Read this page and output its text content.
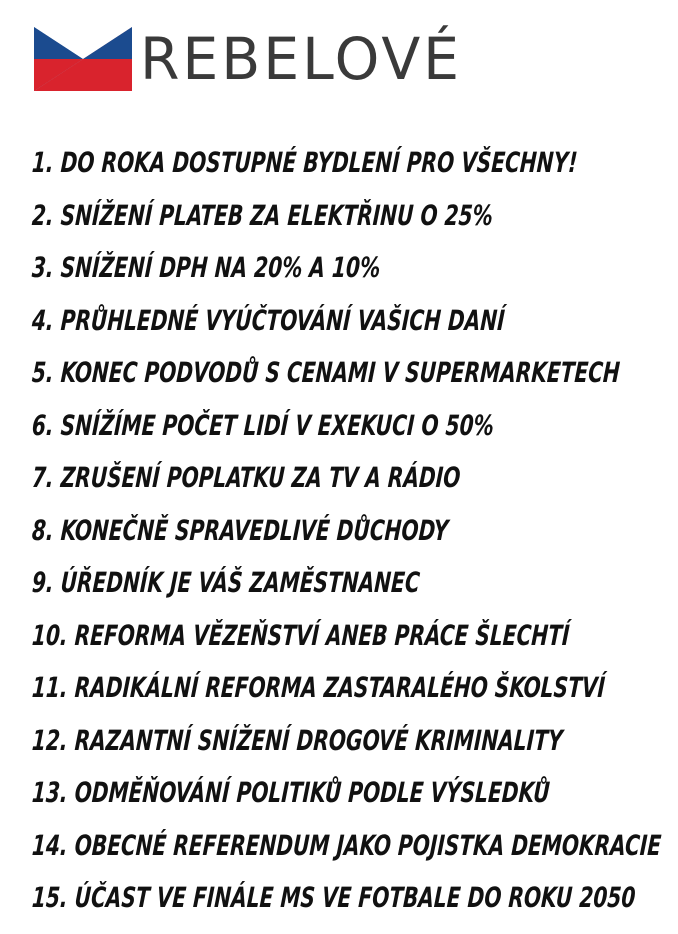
REBELOVÉ
1. DO ROKA DOSTUPNÉ BYDLENÍ PRO VŠECHNY!
2. SNÍŽENÍ PLATEB ZA ELEKTŘINU O 25%
3. SNÍŽENÍ DPH NA 20% A 10%
4. PRŮHLEDNÉ VYÚČTOVÁNÍ VAŠICH DANÍ
5. KONEC PODVODŮ S CENAMI V SUPERMARKETECH
6. SNÍŽÍME POČET LIDÍ V EXEKUCI O 50%
7. ZRUŠENÍ POPLATKU ZA TV A RÁDIO
8. KONEČNĚ SPRAVEDLIVÉ DŮCHODY
9. ÚŘEDNÍK JE VÁŠ ZAMĚSTNANEC
10. REFORMA VĚZEŇSTVÍ ANEB PRÁCE ŠLECHTÍ
11. RADIKÁLNÍ REFORMA ZASTARALÉHO ŠKOLSTVÍ
12. RAZANTNÍ SNÍŽENÍ DROGOVÉ KRIMINALITY
13. ODMĚŇOVÁNÍ POLITIKŮ PODLE VÝSLEDKŮ
14. OBECNÉ REFERENDUM JAKO POJISTKA DEMOKRACIE
15. ÚČAST VE FINÁLE MS VE FOTBALE DO ROKU 2050
